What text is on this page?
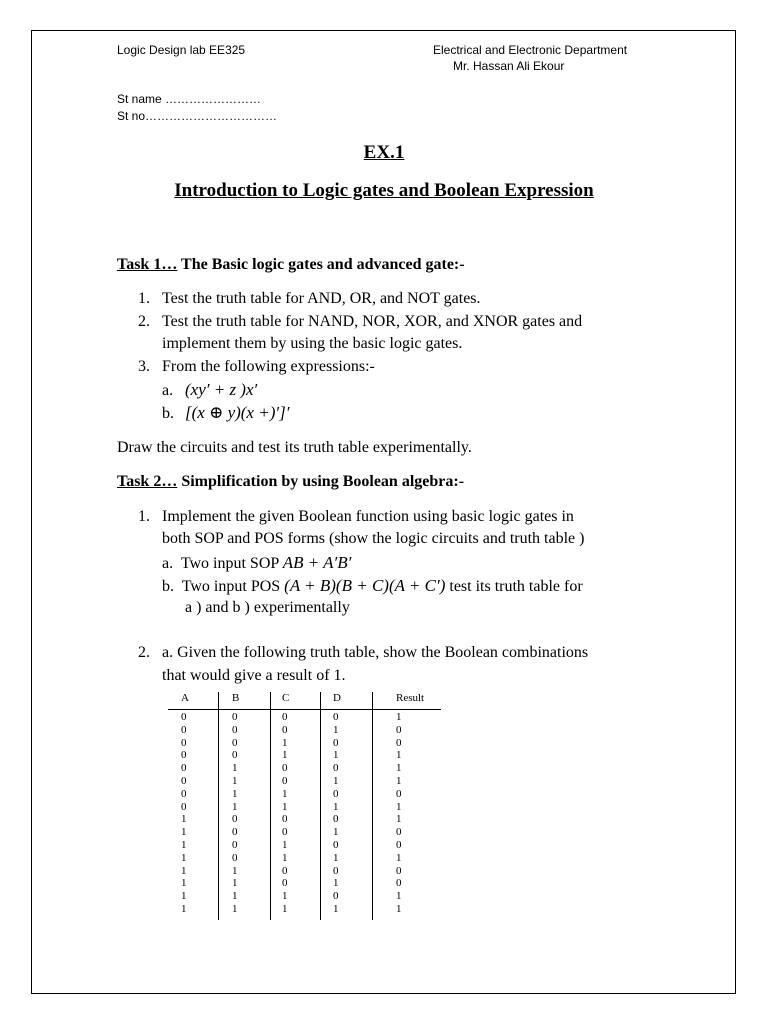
Logic Design lab EE325	Electrical and Electronic Department
Mr. Hassan Ali Ekour
St name ……………………
St no……………………………
EX.1
Introduction to Logic gates and Boolean Expression
Task 1… The Basic logic gates and advanced gate:-
1. Test the truth table for AND, OR, and NOT gates.
2. Test the truth table for NAND, NOR, XOR, and XNOR gates and
implement them by using the basic logic gates.
3. From the following expressions:-
a. (xy′ + z )x′
b. [(x ⊕ y)(x +)′]′
Draw the circuits and test its truth table experimentally.
Task 2… Simplification by using Boolean algebra:-
1. Implement the given Boolean function using basic logic gates in
both SOP and POS forms (show the logic circuits and truth table )
a. Two input SOP AB + A′B′
b. Two input POS (A + B)(B + C)(A + C′) test its truth table for
a ) and b ) experimentally
2. a. Given the following truth table, show the Boolean combinations
that would give a result of 1.
A	B	C	D	Result
0	0	0	0	1
0	0	0	1	0
0	0	1	0	0
0	0	1	1	1
0	1	0	0	1
0	1	0	1	1
0	1	1	0	0
0	1	1	1	1
1	0	0	0	1
1	0	0	1	0
1	0	1	0	0
1	0	1	1	1
1	1	0	0	0
1	1	0	1	0
1	1	1	0	1
1	1	1	1	1
